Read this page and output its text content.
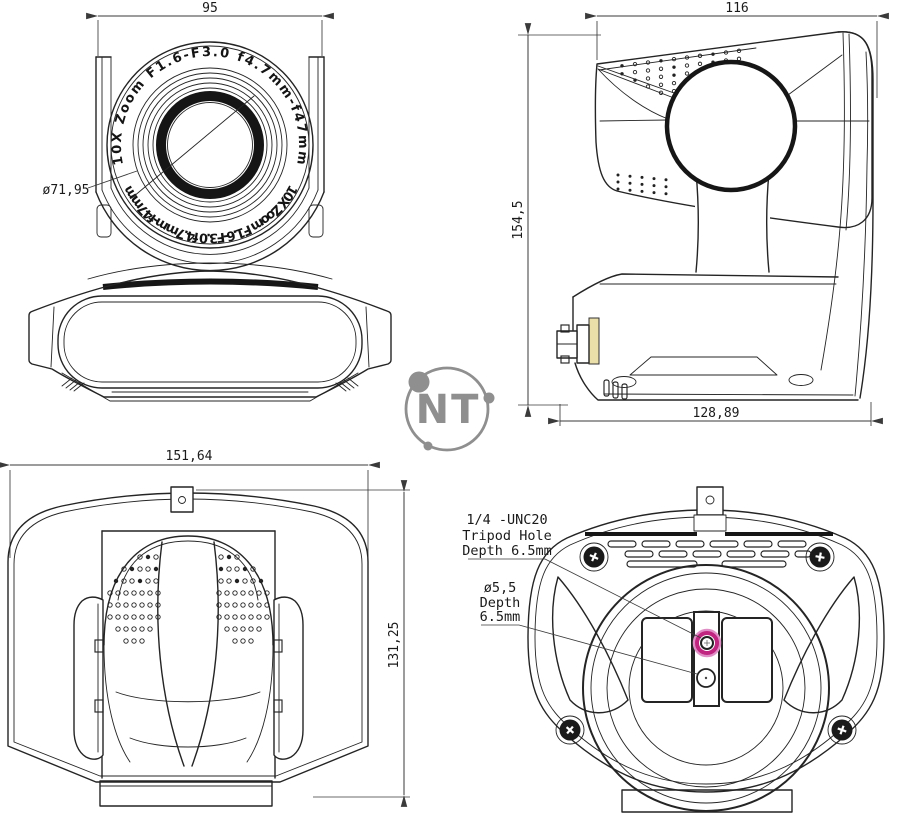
95
10X Zoom F1.6-F3.0 f4.7mm-f47mm
10X Zoom F1.6-F3.0 f4.7mm-f47mm
ø71,95
116
154,5
128,89
151,64
131,25
1/4 -UNC20
Tripod Hole
Depth 6.5mm
ø5,5
Depth
6.5mm
NT
